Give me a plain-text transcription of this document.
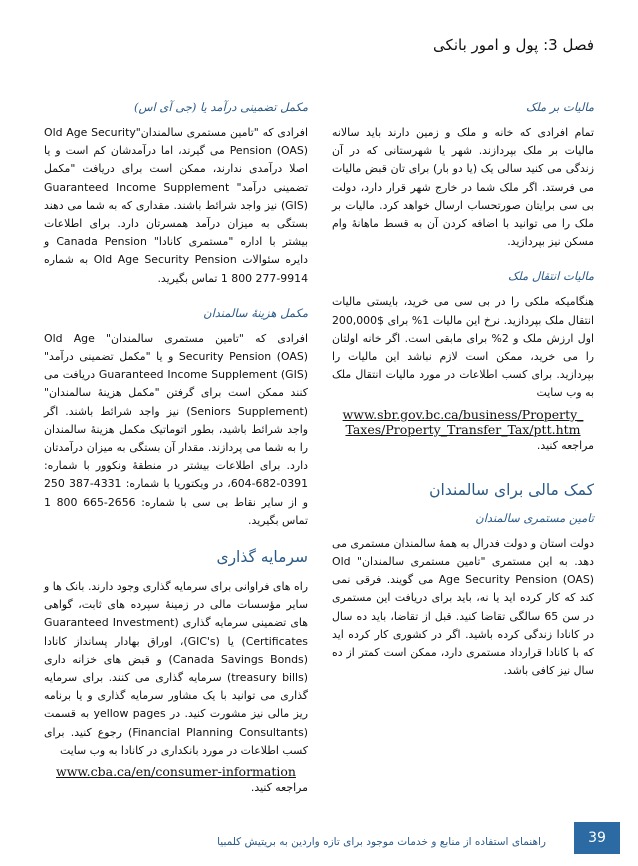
فصل 3: پول و امور بانکی
مالیات بر ملک

تمام افرادی که خانه و ملک و زمین دارند باید سالانه مالیات بر ملک بپردازند. شهر یا شهرستانی که در آن زندگی می کنید سالی یک (یا دو بار) برای تان قبض مالیات می فرستد. اگر ملک شما در خارج شهر قرار دارد، دولت بی سی برایتان صورتحساب ارسال خواهد کرد. مالیات بر ملک را می توانید با اضافه کردن آن به قسط ماهانهٔ وام مسکن نیز بپردازید.

مالیات انتقال ملک

هنگامیکه ملکی را در بی سی می خرید، بایستی مالیات انتقال ملک بپردازید. نرخ این مالیات 1% برای $200,000 اول ارزش ملک و 2% برای مابقی است. اگر خانه اولتان را می خرید، ممکن است لازم نباشد این مالیات را بپردازید. برای کسب اطلاعات در مورد مالیات انتقال ملک به وب سایت

www.sbr.gov.bc.ca/business/Property_
Taxes/Property_Transfer_Tax/ptt.htm

مراجعه کنید.

کمک مالی برای سالمندان
تامین مستمری سالمندان

دولت استان و دولت فدرال به همهٔ سالمندان مستمری می دهد. به این مستمری "تامین مستمری سالمندان" Old Age Security Pension (OAS) می گویند. فرقی نمی کند که کار کرده اید یا نه، باید برای دریافت این مستمری در سن 65 سالگی تقاضا کنید. قبل از تقاضا، باید ده سال در کانادا زندگی کرده باشید. اگر در کشوری کار کرده اید که با کانادا قرارداد مستمری دارد، ممکن است کمتر از ده سال نیز کافی باشد.

مکمل تضمینی درآمد یا (جی آی اس)

افرادی که "تامین مستمری سالمندان"Old Age Security Pension (OAS) می گیرند، اما درآمدشان کم است و یا اصلا درآمدی ندارند، ممکن است برای دریافت "مکمل تضمینی درآمد" Guaranteed Income Supplement (GIS) نیز واجد شرائط باشند. مقداری که به شما می دهند بستگی به میزان درآمد همسرتان دارد. برای اطلاعات بیشتر با اداره "مستمری کانادا" Canada Pension و دایره سئوالات Old Age Security Pension به شماره 9914-277 800 1 تماس بگیرید.

مکمل هزینهٔ سالمندان

افرادی که "تامین مستمری سالمندان" Old Age Security Pension (OAS) و یا "مکمل تضمینی درآمد" Guaranteed Income Supplement (GIS) دریافت می کنند ممکن است برای گرفتن "مکمل هزینهٔ سالمندان" (Seniors Supplement) نیز واجد شرائط باشند. اگر واجد شرائط باشید، بطور اتوماتیک مکمل هزینهٔ سالمندان را به شما می پردازند. مقدار آن بستگی به میزان درآمدتان دارد. برای اطلاعات بیشتر در منطقهٔ ونکوور با شماره: 0391-682-604، در ویکتوریا با شماره: 4331-387 250 و از سایر نقاط بی سی با شماره: 2656-665 800 1 تماس بگیرید.

سرمایه گذاری

راه های فراوانی برای سرمایه گذاری وجود دارند. بانک ها و سایر مؤسسات مالی در زمینهٔ سپرده های ثابت، گواهی های تضمینی سرمایه گذاری (Guaranteed Investment Certificates) یا (GIC's)، اوراق بهادار پسانداز کانادا (Canada Savings Bonds) و قبض های خزانه داری (treasury bills) سرمایه گذاری می کنند. برای سرمایه گذاری می توانید با یک مشاور سرمایه گذاری و یا برنامه ریز مالی نیز مشورت کنید. در yellow pages به قسمت (Financial Planning Consultants) رجوع کنید. برای کسب اطلاعات در مورد بانکداری در کانادا به وب سایت

www.cba.ca/en/consumer-information

مراجعه کنید.

راهنمای استفاده از منابع و خدمات موجود برای تازه واردین به بریتیش کلمبیا	39
